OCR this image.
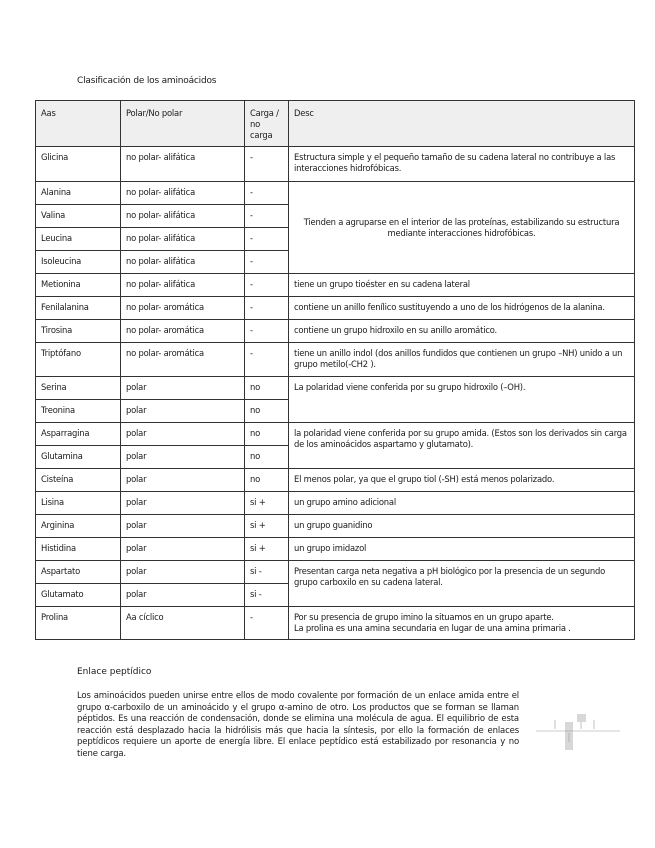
Clasificación de los aminoácidos
Aas	Polar/No polar	Carga / no carga	Desc
Glicina	no polar- alifática	-	Estructura simple y el pequeño tamaño de su cadena lateral no contribuye a las interacciones hidrofóbicas.
Alanina	no polar- alifática	-	Tienden a agruparse en el interior de las proteínas, estabilizando su estructura mediante interacciones hidrofóbicas.
Valina	no polar- alifática	-	
Leucina	no polar- alifática	-	
Isoleucina	no polar- alifática	-	
Metionina	no polar- alifática	-	tiene un grupo tioéster en su cadena lateral
Fenilalanina	no polar- aromática	-	contiene un anillo fenílico sustituyendo a uno de los hidrógenos de la alanina.
Tirosina	no polar- aromática	-	contiene un grupo hidroxilo en su anillo aromático.
Triptófano	no polar- aromática	-	tiene un anillo indol (dos anillos fundidos que contienen un grupo –NH) unido a un grupo metilo(-CH2 ).
Serina	polar	no	La polaridad viene conferida por su grupo hidroxilo (–OH).
Treonina	polar	no	
Asparragina	polar	no	la polaridad viene conferida por su grupo amida. (Estos son los derivados sin carga de los aminoácidos aspartamo y glutamato).
Glutamina	polar	no	
Cisteína	polar	no	El menos polar, ya que el grupo tiol (-SH) está menos polarizado.
Lisina	polar	si +	un grupo amino adicional
Arginina	polar	si +	un grupo guanidino
Histidina	polar	si +	un grupo imidazol
Aspartato	polar	si -	Presentan carga neta negativa a pH biológico por la presencia de un segundo grupo carboxilo en su cadena lateral.
Glutamato	polar	si -	
Prolina	Aa cíclico	-	Por su presencia de grupo imino la situamos en un grupo aparte.
La prolina es una amina secundaria en lugar de una amina primaria .
Enlace peptídico
Los aminoácidos pueden unirse entre ellos de modo covalente por formación de un enlace amida entre el grupo α-carboxilo de un aminoácido y el grupo α-amino de otro. Los productos que se forman se llaman péptidos. Es una reacción de condensación, donde se elimina una molécula de agua. El equilibrio de esta reacción está desplazado hacia la hidrólisis más que hacia la síntesis, por ello la formación de enlaces peptídicos requiere un aporte de energía libre. El enlace peptídico está estabilizado por resonancia y no tiene carga.
